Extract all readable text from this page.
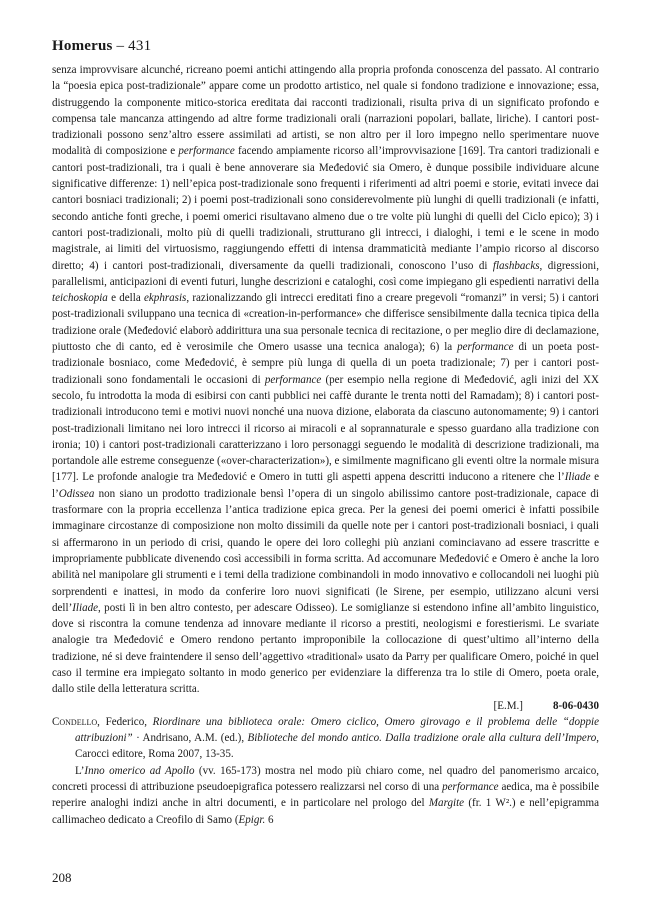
Homerus – 431

senza improvvisare alcunché, ricreano poemi antichi attingendo alla propria profonda conoscenza del passato. Al contrario la “poesia epica post-tradizionale” appare come un prodotto artistico, nel quale si fondono tradizione e innovazione; essa, distruggendo la componente mitico-storica ereditata dai racconti tradizionali, risulta priva di un significato profondo e compensa tale mancanza attingendo ad altre forme tradizionali orali (narrazioni popolari, ballate, liriche). I cantori post-tradizionali possono senz’altro essere assimilati ad artisti, se non altro per il loro impegno nello sperimentare nuove modalità di composizione e performance facendo ampiamente ricorso all’improvvisazione [169]. Tra cantori tradizionali e cantori post-tradizionali, tra i quali è bene annoverare sia Međedović sia Omero, è dunque possibile individuare alcune significative differenze: 1) nell’epica post-tradizionale sono frequenti i riferimenti ad altri poemi e storie, evitati invece dai cantori bosniaci tradizionali; 2) i poemi post-tradizionali sono considerevolmente più lunghi di quelli tradizionali (e infatti, secondo antiche fonti greche, i poemi omerici risultavano almeno due o tre volte più lunghi di quelli del Ciclo epico); 3) i cantori post-tradizionali, molto più di quelli tradizionali, strutturano gli intrecci, i dialoghi, i temi e le scene in modo magistrale, ai limiti del virtuosismo, raggiungendo effetti di intensa drammaticità mediante l’ampio ricorso al discorso diretto; 4) i cantori post-tradizionali, diversamente da quelli tradizionali, conoscono l’uso di flashbacks, digressioni, parallelismi, anticipazioni di eventi futuri, lunghe descrizioni e cataloghi, così come impiegano gli espedienti narrativi della teichoskopia e della ekphrasis, razionalizzando gli intrecci ereditati fino a creare pregevoli “romanzi” in versi; 5) i cantori post-tradizionali sviluppano una tecnica di «creation-in-performance» che differisce sensibilmente dalla tecnica tipica della tradizione orale (Međedović elaborò addirittura una sua personale tecnica di recitazione, o per meglio dire di declamazione, piuttosto che di canto, ed è verosimile che Omero usasse una tecnica analoga); 6) la performance di un poeta post-tradizionale bosniaco, come Međedović, è sempre più lunga di quella di un poeta tradizionale; 7) per i cantori post-tradizionali sono fondamentali le occasioni di performance (per esempio nella regione di Međedović, agli inizi del XX secolo, fu introdotta la moda di esibirsi con canti pubblici nei caffè durante le trenta notti del Ramadam); 8) i cantori post-tradizionali introducono temi e motivi nuovi nonché una nuova dizione, elaborata da ciascuno autonomamente; 9) i cantori post-tradizionali limitano nei loro intrecci il ricorso ai miracoli e al soprannaturale e spesso guardano alla tradizione con ironia; 10) i cantori post-tradizionali caratterizzano i loro personaggi seguendo le modalità di descrizione tradizionali, ma portandole alle estreme conseguenze («over-characterization»), e similmente magnificano gli eventi oltre la normale misura [177]. Le profonde analogie tra Međedović e Omero in tutti gli aspetti appena descritti inducono a ritenere che l’Iliade e l’Odissea non siano un prodotto tradizionale bensì l’opera di un singolo abilissimo cantore post-tradizionale, capace di trasformare con la propria eccellenza l’antica tradizione epica greca. Per la genesi dei poemi omerici è infatti possibile immaginare circostanze di composizione non molto dissimili da quelle note per i cantori post-tradizionali bosniaci, i quali si affermarono in un periodo di crisi, quando le opere dei loro colleghi più anziani cominciavano ad essere trascritte e impropriamente pubblicate divenendo così accessibili in forma scritta. Ad accomunare Međedović e Omero è anche la loro abilità nel manipolare gli strumenti e i temi della tradizione combinandoli in modo innovativo e collocandoli nei luoghi più sorprendenti e inattesi, in modo da conferire loro nuovi significati (le Sirene, per esempio, utilizzano alcuni versi dell’Iliade, posti lì in ben altro contesto, per adescare Odisseo). Le somiglianze si estendono infine all’ambito linguistico, dove si riscontra la comune tendenza ad innovare mediante il ricorso a prestiti, neologismi e forestierismi. Le svariate analogie tra Međedović e Omero rendono pertanto improponibile la collocazione di quest’ultimo all’interno della tradizione, né si deve fraintendere il senso dell’aggettivo «traditional» usato da Parry per qualificare Omero, poiché in quel caso il termine era impiegato soltanto in modo generico per evidenziare la differenza tra lo stile di Omero, poeta orale, dallo stile della letteratura scritta.

[E.M.]	8-06-0430

Condello, Federico, Riordinare una biblioteca orale: Omero ciclico, Omero girovago e il problema delle “doppie attribuzioni” · Andrisano, A.M. (ed.), Biblioteche del mondo antico. Dalla tradizione orale alla cultura dell’Impero, Carocci editore, Roma 2007, 13-35.

L’Inno omerico ad Apollo (vv. 165-173) mostra nel modo più chiaro come, nel quadro del panomerismo arcaico, concreti processi di attribuzione pseudoepigrafica potessero realizzarsi nel corso di una performance aedica, ma è possibile reperire analoghi indizi anche in altri documenti, e in particolare nel prologo del Margite (fr. 1 W².) e nell’epigramma callimacheo dedicato a Creofilo di Samo (Epigr. 6

208
